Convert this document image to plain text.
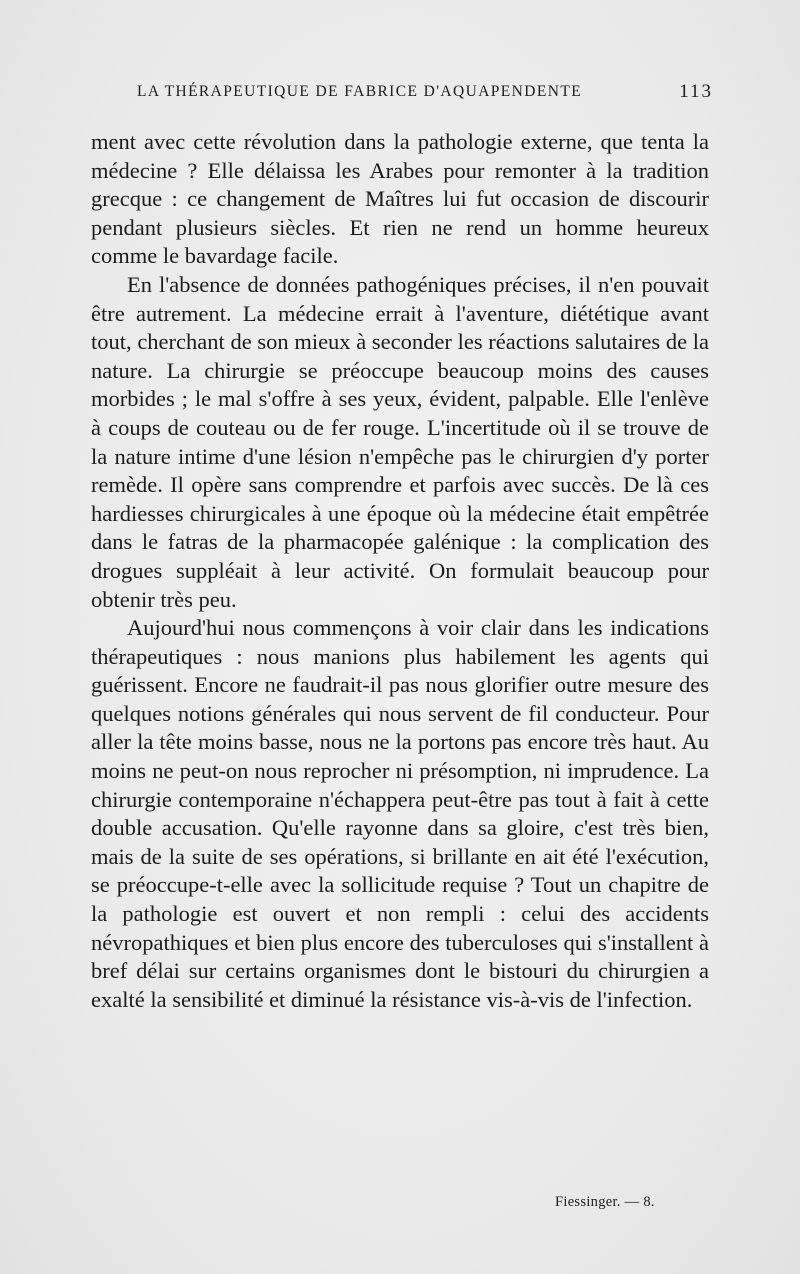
LA THÉRAPEUTIQUE DE FABRICE D'AQUAPENDENTE	113

ment avec cette révolution dans la pathologie externe, que tenta la médecine ? Elle délaissa les Arabes pour remonter à la tradition grecque : ce changement de Maîtres lui fut occasion de discourir pendant plusieurs siècles. Et rien ne rend un homme heureux comme le bavardage facile.

En l'absence de données pathogéniques précises, il n'en pouvait être autrement. La médecine errait à l'aventure, diététique avant tout, cherchant de son mieux à seconder les réactions salutaires de la nature. La chirurgie se préoccupe beaucoup moins des causes morbides ; le mal s'offre à ses yeux, évident, palpable. Elle l'enlève à coups de couteau ou de fer rouge. L'incertitude où il se trouve de la nature intime d'une lésion n'empêche pas le chirurgien d'y porter remède. Il opère sans comprendre et parfois avec succès. De là ces hardiesses chirurgicales à une époque où la médecine était empêtrée dans le fatras de la pharmacopée galénique : la complication des drogues suppléait à leur activité. On formulait beaucoup pour obtenir très peu.

Aujourd'hui nous commençons à voir clair dans les indications thérapeutiques : nous manions plus habilement les agents qui guérissent. Encore ne faudrait-il pas nous glorifier outre mesure des quelques notions générales qui nous servent de fil conducteur. Pour aller la tête moins basse, nous ne la portons pas encore très haut. Au moins ne peut-on nous reprocher ni présomption, ni imprudence. La chirurgie contemporaine n'échappera peut-être pas tout à fait à cette double accusation. Qu'elle rayonne dans sa gloire, c'est très bien, mais de la suite de ses opérations, si brillante en ait été l'exécution, se préoccupe-t-elle avec la sollicitude requise ? Tout un chapitre de la pathologie est ouvert et non rempli : celui des accidents névropathiques et bien plus encore des tuberculoses qui s'installent à bref délai sur certains organismes dont le bistouri du chirurgien a exalté la sensibilité et diminué la résistance vis-à-vis de l'infection.

Fiessinger. — 8.
